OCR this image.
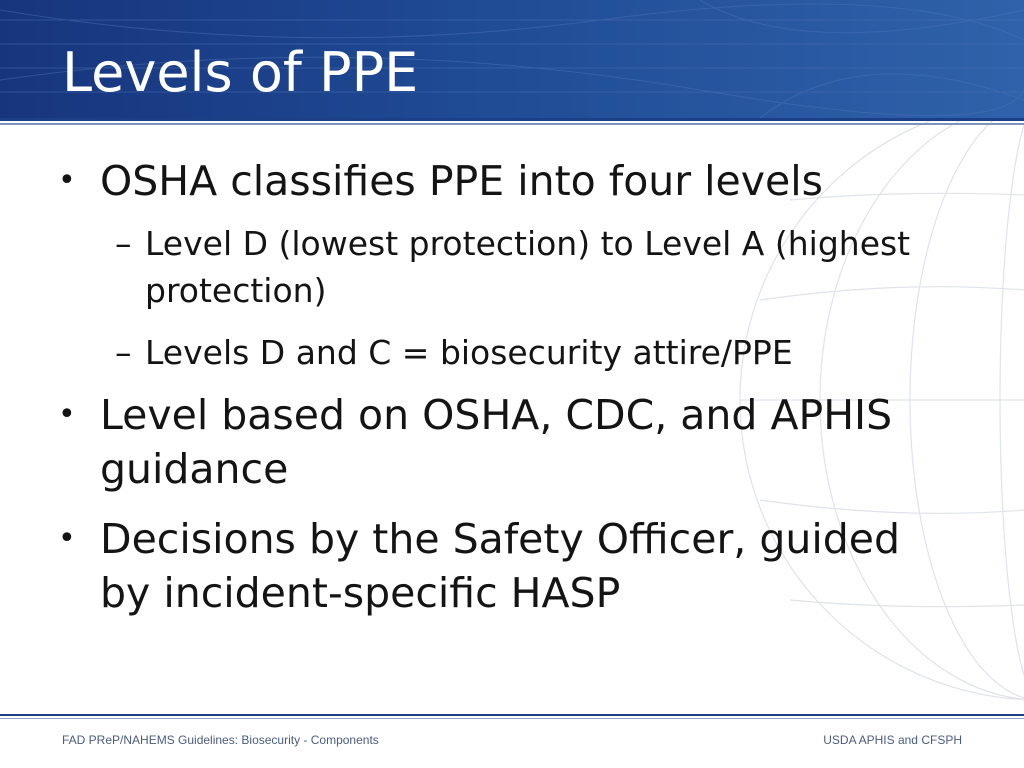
Levels of PPE
• OSHA classifies PPE into four levels
– Level D (lowest protection) to Level A (highest protection)
– Levels D and C = biosecurity attire/PPE
• Level based on OSHA, CDC, and APHIS guidance
• Decisions by the Safety Officer, guided by incident-specific HASP
FAD PReP/NAHEMS Guidelines: Biosecurity - Components	USDA APHIS and CFSPH
